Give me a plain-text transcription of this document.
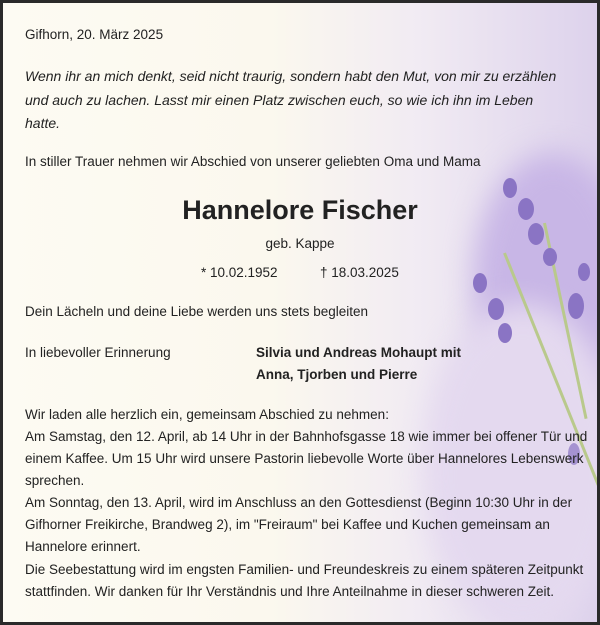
Gifhorn, 20. März 2025
Wenn ihr an mich denkt, seid nicht traurig, sondern habt den Mut, von mir zu erzählen
und auch zu lachen. Lasst mir einen Platz zwischen euch, so wie ich ihn im Leben
hatte.
In stiller Trauer nehmen wir Abschied von unserer geliebten Oma und Mama
Hannelore Fischer
geb. Kappe
* 10.02.1952	† 18.03.2025
Dein Lächeln und deine Liebe werden uns stets begleiten
In liebevoller Erinnerung	Silvia und Andreas Mohaupt mit
Anna, Tjorben und Pierre
Wir laden alle herzlich ein, gemeinsam Abschied zu nehmen:
Am Samstag, den 12. April, ab 14 Uhr in der Bahnhofsgasse 18 wie immer bei offener Tür und
einem Kaffee. Um 15 Uhr wird unsere Pastorin liebevolle Worte über Hannelores Lebenswerk
sprechen.
Am Sonntag, den 13. April, wird im Anschluss an den Gottesdienst (Beginn 10:30 Uhr in der
Gifhorner Freikirche, Brandweg 2), im "Freiraum" bei Kaffee und Kuchen gemeinsam an
Hannelore erinnert.
Die Seebestattung wird im engsten Familien- und Freundeskreis zu einem späteren Zeitpunkt
stattfinden. Wir danken für Ihr Verständnis und Ihre Anteilnahme in dieser schweren Zeit.
